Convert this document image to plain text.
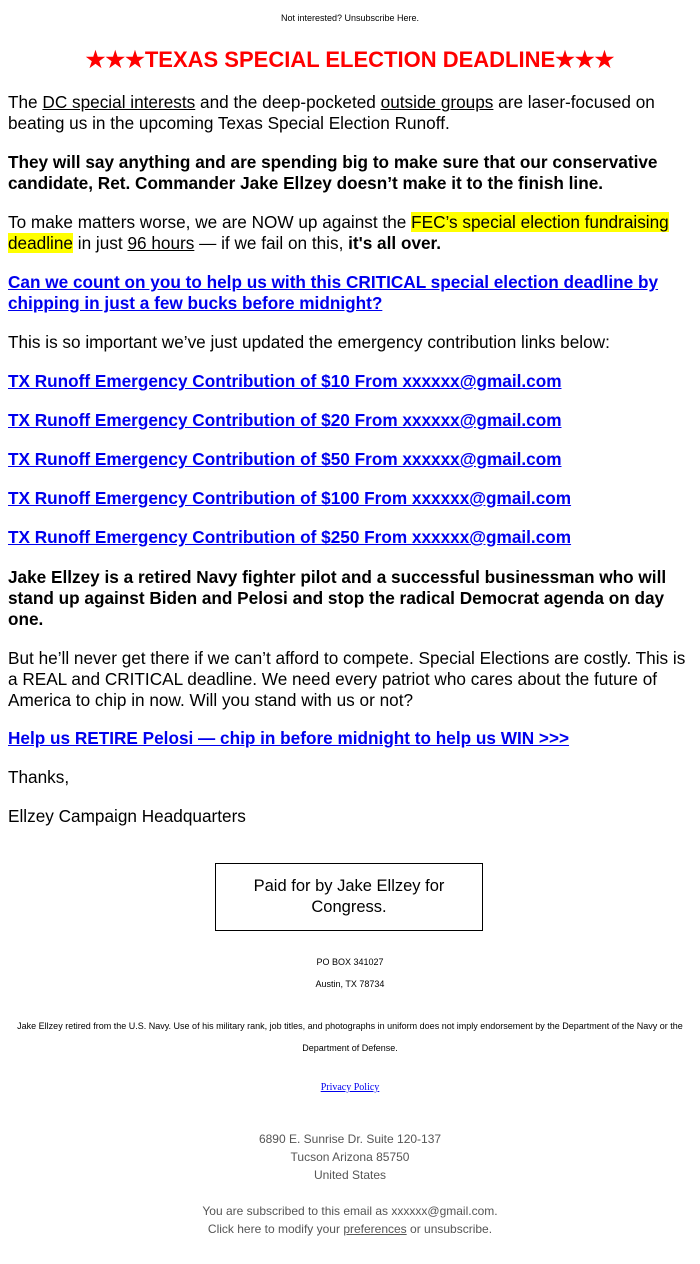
Not interested? Unsubscribe Here.
★★★TEXAS SPECIAL ELECTION DEADLINE★★★

The DC special interests and the deep-pocketed outside groups are laser-focused on beating us in the upcoming Texas Special Election Runoff.

They will say anything and are spending big to make sure that our conservative candidate, Ret. Commander Jake Ellzey doesn’t make it to the finish line.

To make matters worse, we are NOW up against the FEC’s special election fundraising deadline in just 96 hours — if we fail on this, it's all over.

Can we count on you to help us with this CRITICAL special election deadline by chipping in just a few bucks before midnight?

This is so important we’ve just updated the emergency contribution links below:

TX Runoff Emergency Contribution of $10 From xxxxxx@gmail.com

TX Runoff Emergency Contribution of $20 From xxxxxx@gmail.com

TX Runoff Emergency Contribution of $50 From xxxxxx@gmail.com

TX Runoff Emergency Contribution of $100 From xxxxxx@gmail.com

TX Runoff Emergency Contribution of $250 From xxxxxx@gmail.com

Jake Ellzey is a retired Navy fighter pilot and a successful businessman who will stand up against Biden and Pelosi and stop the radical Democrat agenda on day one.

But he’ll never get there if we can’t afford to compete. Special Elections are costly. This is a REAL and CRITICAL deadline. We need every patriot who cares about the future of America to chip in now. Will you stand with us or not?

Help us RETIRE Pelosi — chip in before midnight to help us WIN >>>

Thanks,

Ellzey Campaign Headquarters

Paid for by Jake Ellzey for Congress.
PO BOX 341027
Austin, TX 78734
Jake Ellzey retired from the U.S. Navy. Use of his military rank, job titles, and photographs in uniform does not imply endorsement by the Department of the Navy or the Department of Defense.
Privacy Policy
6890 E. Sunrise Dr. Suite 120-137
Tucson Arizona 85750
United States
You are subscribed to this email as xxxxxx@gmail.com.
Click here to modify your preferences or unsubscribe.
